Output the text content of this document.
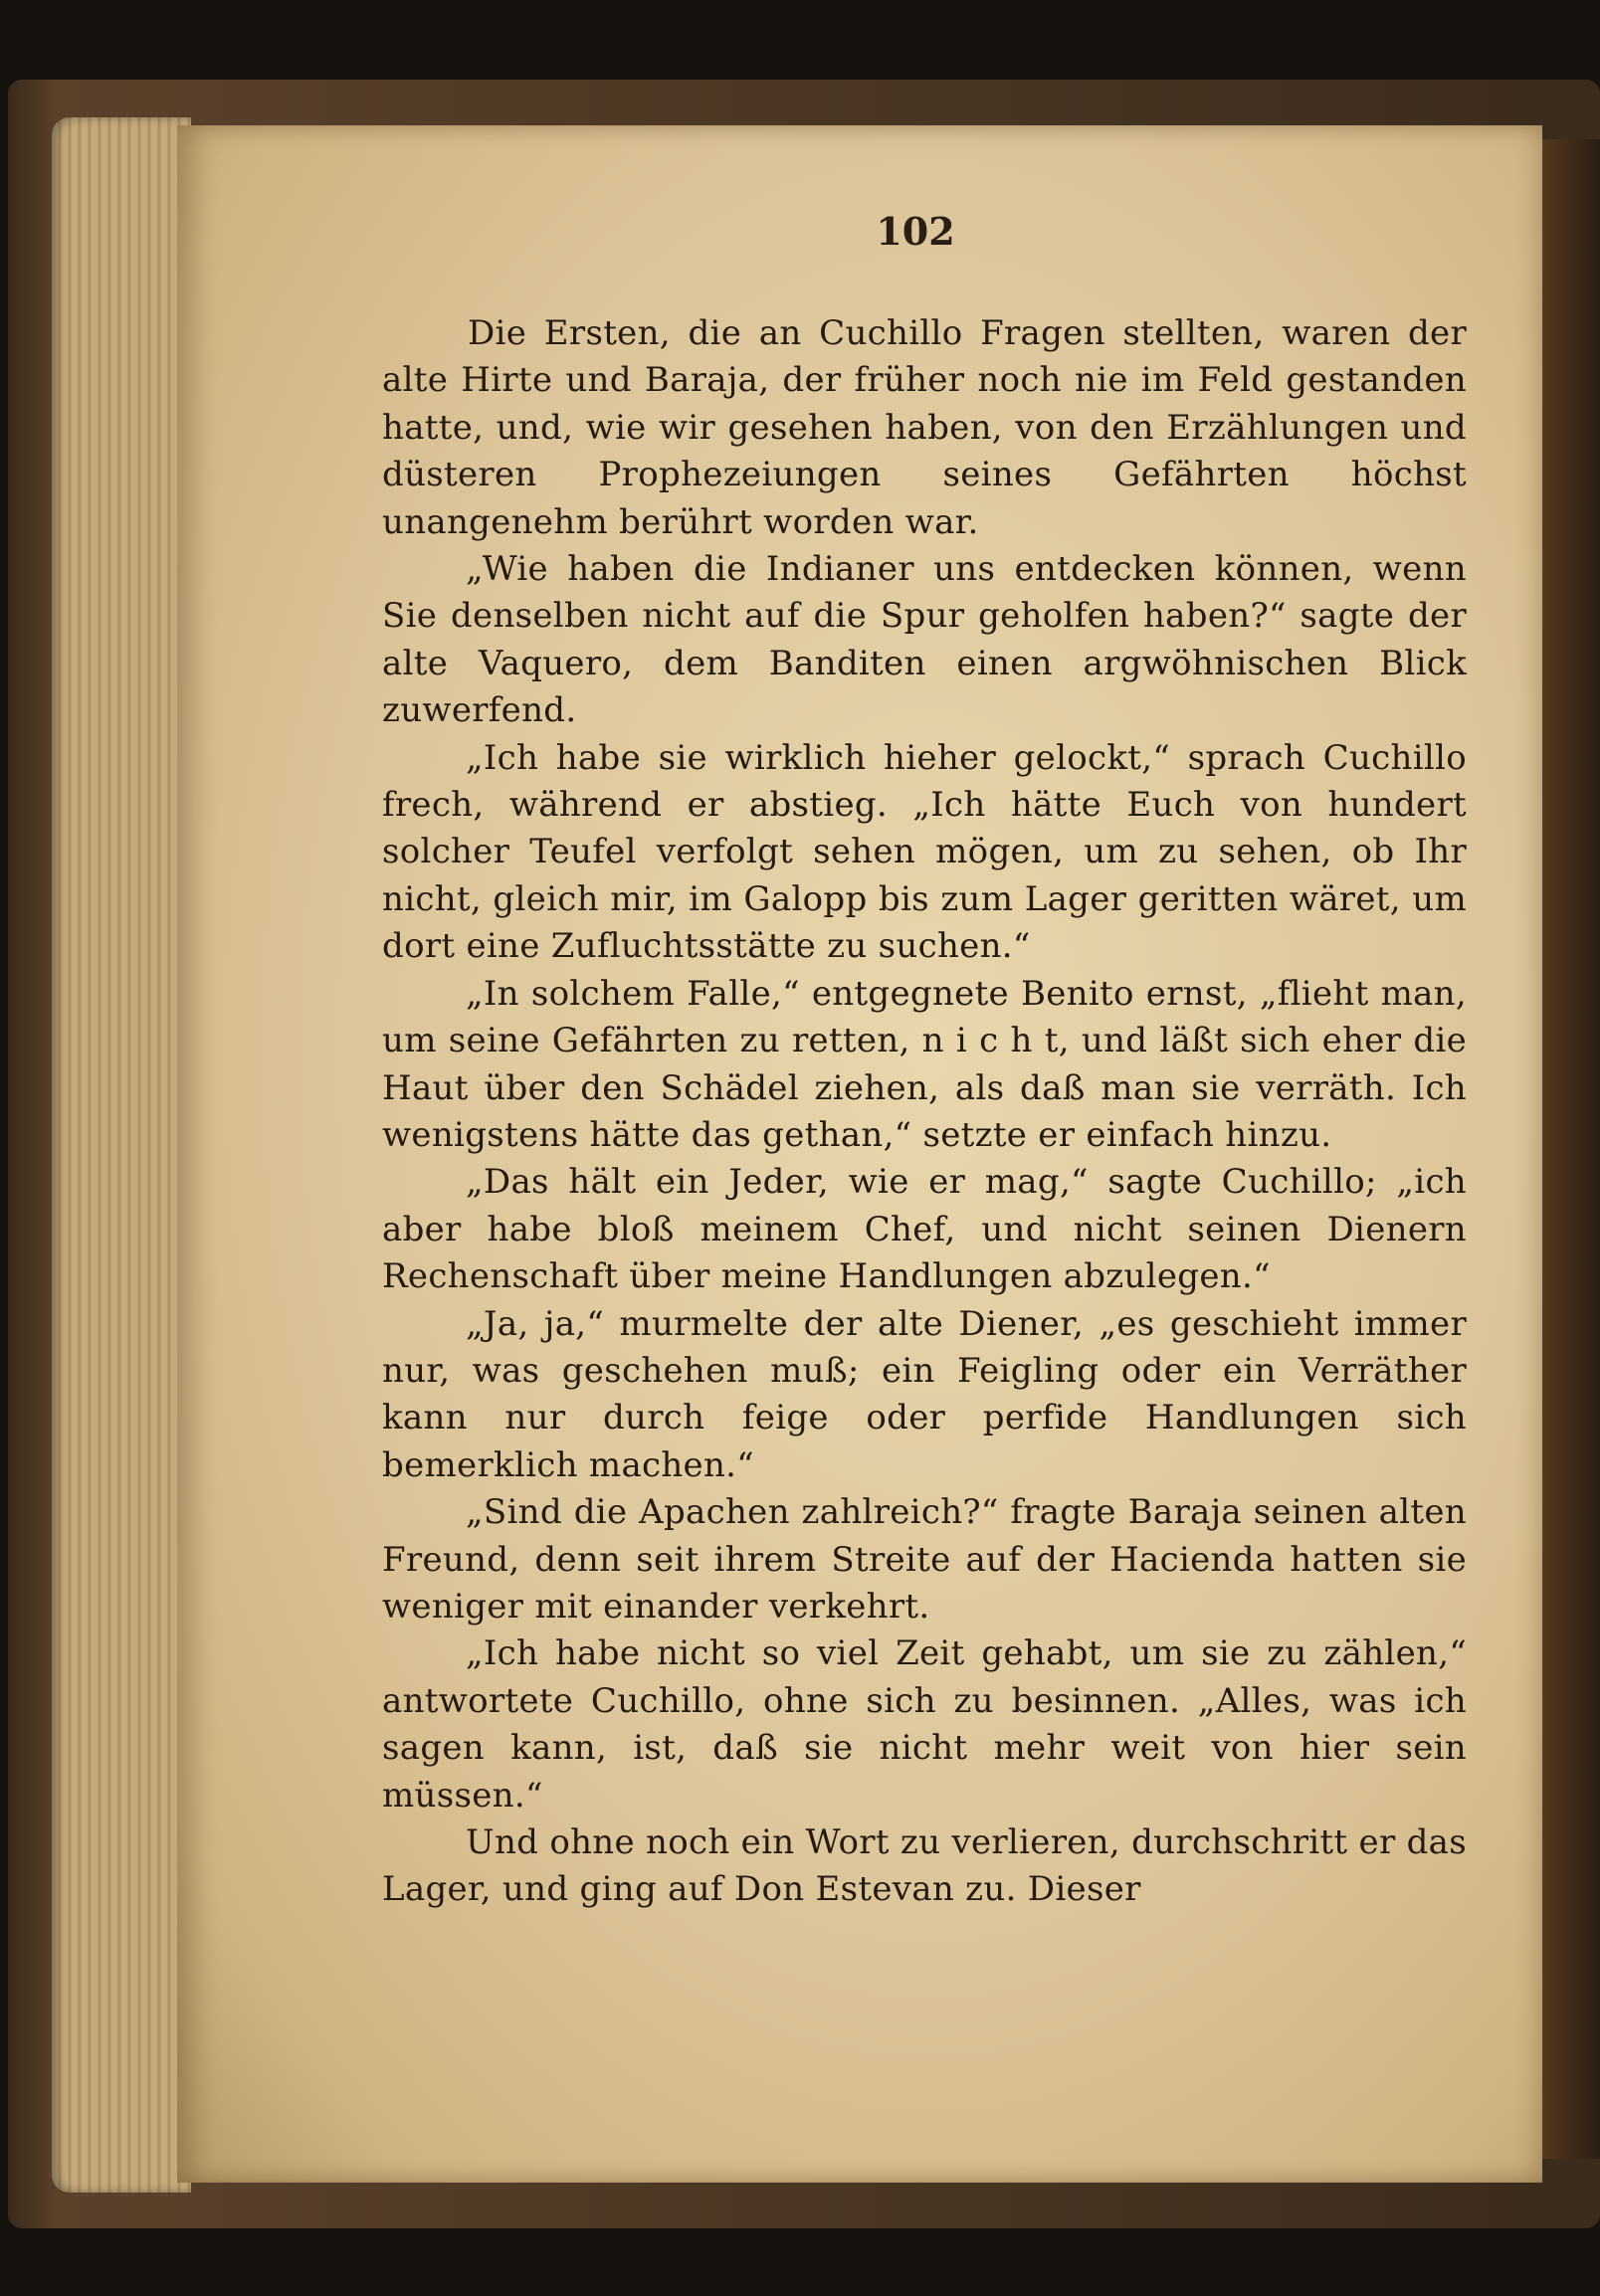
102

Die Ersten, die an Cuchillo Fragen stellten, waren der alte Hirte und Baraja, der früher noch nie im Feld gestanden hatte, und, wie wir gesehen haben, von den Erzählungen und düsteren Prophezeiungen seines Gefährten höchst unangenehm berührt worden war.

„Wie haben die Indianer uns entdecken können, wenn Sie denselben nicht auf die Spur geholfen haben?“ sagte der alte Vaquero, dem Banditen einen argwöhnischen Blick zuwerfend.

„Ich habe sie wirklich hieher gelockt,“ sprach Cuchillo frech, während er abstieg. „Ich hätte Euch von hundert solcher Teufel verfolgt sehen mögen, um zu sehen, ob Ihr nicht, gleich mir, im Galopp bis zum Lager geritten wäret, um dort eine Zufluchtsstätte zu suchen.“

„In solchem Falle,“ entgegnete Benito ernst, „flieht man, um seine Gefährten zu retten, n i c h t, und läßt sich eher die Haut über den Schädel ziehen, als daß man sie verräth. Ich wenigstens hätte das gethan,“ setzte er einfach hinzu.

„Das hält ein Jeder, wie er mag,“ sagte Cuchillo; „ich aber habe bloß meinem Chef, und nicht seinen Dienern Rechenschaft über meine Handlungen abzulegen.“

„Ja, ja,“ murmelte der alte Diener, „es geschieht immer nur, was geschehen muß; ein Feigling oder ein Verräther kann nur durch feige oder perfide Handlungen sich bemerklich machen.“

„Sind die Apachen zahlreich?“ fragte Baraja seinen alten Freund, denn seit ihrem Streite auf der Hacienda hatten sie weniger mit einander verkehrt.

„Ich habe nicht so viel Zeit gehabt, um sie zu zählen,“ antwortete Cuchillo, ohne sich zu besinnen. „Alles, was ich sagen kann, ist, daß sie nicht mehr weit von hier sein müssen.“

Und ohne noch ein Wort zu verlieren, durchschritt er das Lager, und ging auf Don Estevan zu. Dieser
